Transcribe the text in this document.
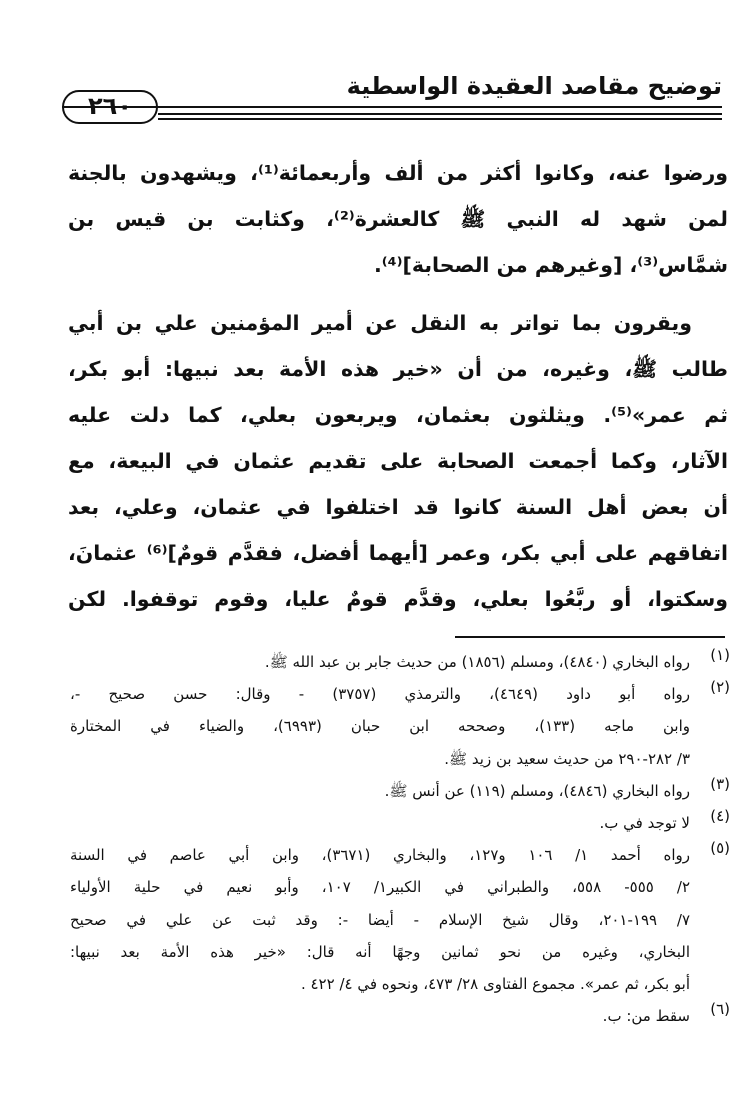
توضيح مقاصد العقيدة الواسطية
٢٦٠
ورضوا عنه، وكانوا أكثر من ألف وأربعمائة⁽¹⁾، ويشهدون بالجنة
لمن شهد له النبي ﷺ كالعشرة⁽²⁾، وكثابت بن قيس بن
شمَّاس⁽³⁾، [وغيرهم من الصحابة]⁽⁴⁾.
ويقرون بما تواتر به النقل عن أمير المؤمنين علي بن أبي
طالب ﷺ، وغيره، من أن «خير هذه الأمة بعد نبيها: أبو بكر،
ثم عمر»⁽⁵⁾. ويثلثون بعثمان، ويربعون بعلي، كما دلت عليه
الآثار، وكما أجمعت الصحابة على تقديم عثمان في البيعة، مع
أن بعض أهل السنة كانوا قد اختلفوا في عثمان، وعلي، بعد
اتفاقهم على أبي بكر، وعمر [أيهما أفضل، فقدَّم قومٌ]⁽⁶⁾ عثمانَ،
وسكتوا، أو ربَّعُوا بعلي، وقدَّم قومٌ عليا، وقوم توقفوا. لكن
(١)
رواه البخاري (٤٨٤٠)، ومسلم (١٨٥٦) من حديث جابر بن عبد الله ﷺ.
(٢)
رواه أبو داود (٤٦٤٩)، والترمذي (٣٧٥٧) - وقال: حسن صحيح -،
وابن ماجه (١٣٣)، وصححه ابن حبان (٦٩٩٣)، والضياء في المختارة
٣/ ٢٨٢-٢٩٠ من حديث سعيد بن زيد ﷺ.
(٣)
رواه البخاري (٤٨٤٦)، ومسلم (١١٩) عن أنس ﷺ.
(٤)
لا توجد في ب.
(٥)
رواه أحمد ١/ ١٠٦ و١٢٧، والبخاري (٣٦٧١)، وابن أبي عاصم في السنة
٢/ ٥٥٥- ٥٥٨، والطبراني في الكبير١/ ١٠٧، وأبو نعيم في حلية الأولياء
٧/ ١٩٩-٢٠١، وقال شيخ الإسلام - أيضا -: وقد ثبت عن علي في صحيح
البخاري، وغيره من نحو ثمانين وجهًا أنه قال: «خير هذه الأمة بعد نبيها:
أبو بكر، ثم عمر». مجموع الفتاوى ٢٨/ ٤٧٣، ونحوه في ٤/ ٤٢٢ .
(٦)
سقط من: ب.
